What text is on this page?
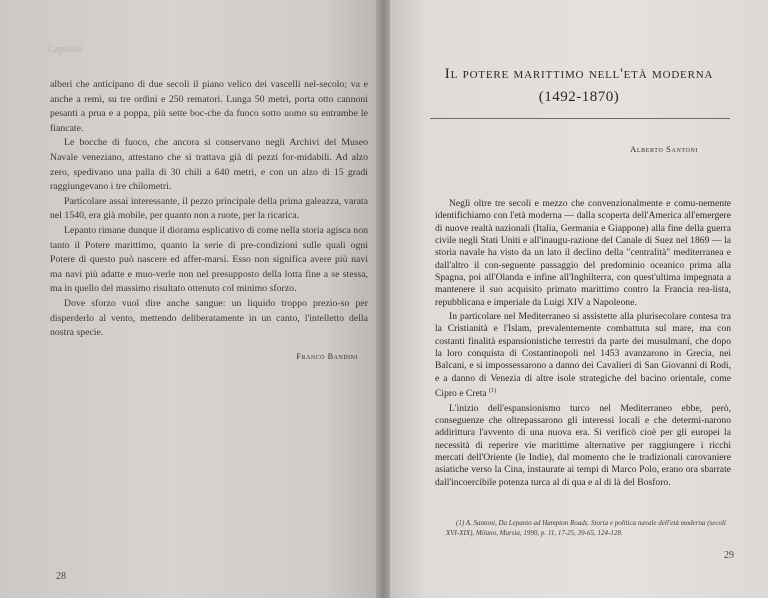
Capitolo

alberi che anticipano di due secoli il piano velico dei vascelli nel-secolo; va e anche a remi, su tre ordini e 250 rematori. Lunga 50 metri, porta otto cannoni pesanti a prua e a poppa, più sette boc-che da fuoco sotto uomo su entrambe le fiancate.

Le bocche di fuoco, che ancora si conservano negli Archivi del Museo Navale veneziano, attestano che si trattava già di pezzi for-midabili. Ad alzo zero, spedivano una palla di 30 chili a 640 metri, e con un alzo di 15 gradi raggiungevano i tre chilometri.

Particolare assai interessante, il pezzo principale della prima galeazza, varata nel 1540, era già mobile, per quanto non a ruote, per la ricarica.

Lepanto rimane dunque il diorama esplicativo di come nella storia agisca non tanto il Potere marittimo, quanto la serie di pre-condizioni sulle quali ogni Potere di questo può nascere ed affer-marsi. Esso non significa avere più navi ma navi più adatte e muo-verle non nel presupposto della lotta fine a se stessa, ma in quello del massimo risultato ottenuto col minimo sforzo.

Dove sforzo vuol dire anche sangue: un liquido troppo prezio-so per disperderlo al vento, mettendo deliberatamente in un canto, l'intelletto della nostra specie.

Franco Bandini
28
Il potere marittimo nell'età moderna
(1492-1870)
Alberto Santoni

Negli oltre tre secoli e mezzo che convenzionalmente e comu-nemente identifichiamo con l'età moderna — dalla scoperta dell'America all'emergere di nuove realtà nazionali (Italia, Germania e Giappone) alla fine della guerra civile negli Stati Uniti e all'inaugu-razione del Canale di Suez nel 1869 — la storia navale ha visto da un lato il declino della "centralità" mediterranea e dall'altro il con-seguente passaggio del predominio oceanico prima alla Spagna, poi all'Olanda e infine all'Inghilterra, con quest'ultima impegnata a mantenere il suo acquisito primato marittimo contro la Francia rea-lista, repubblicana e imperiale da Luigi XIV a Napoleone.

In particolare nel Mediterraneo si assistette alla plurisecolare contesa tra la Cristianità e l'Islam, prevalentemente combattuta sul mare, ma con costanti finalità espansionistiche terrestri da parte dei musulmani, che dopo la loro conquista di Costantinopoli nel 1453 avanzarono in Grecia, nei Balcani, e si impossessarono a danno dei Cavalieri di San Giovanni di Rodi, e a danno di Venezia di altre isole strategiche del bacino orientale, come Cipro e Creta $^{(1)}$

L'inizio dell'espansionismo turco nel Mediterraneo ebbe, però, conseguenze che oltrepassarono gli interessi locali e che determi-narono addirittura l'avvento di una nuova era. Si verificò cioè per gli europei la necessità di reperire vie marittime alternative per raggiungere i ricchi mercati dell'Oriente (le Indie), dal momento che le tradizionali carovaniere asiatiche verso la Cina, instaurate ai tempi di Marco Polo, erano ora sbarrate dall'incoercibile potenza turca al di qua e al di là del Bosforo.

(1) A. Santoni, Da Lepanto ad Hampton Roads. Storia e politica navale dell'età moderna (secoli XVI-XIX), Milano, Mursia, 1990, p. 11, 17-25, 39-65, 124-128.
29
